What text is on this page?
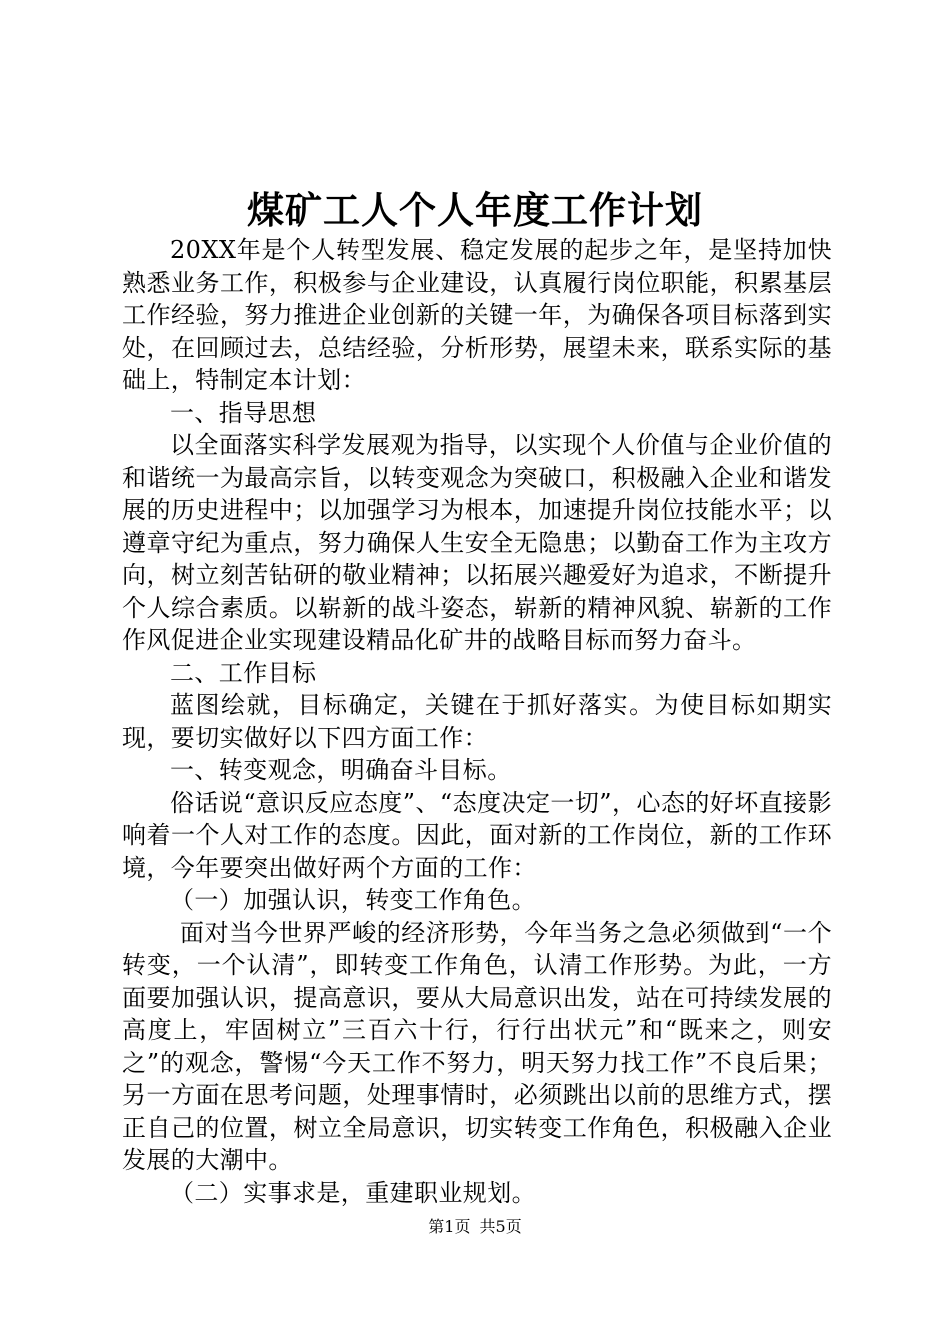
煤矿工人个人年度工作计划

20XX年是个人转型发展、稳定发展的起步之年，是坚持加快熟悉业务工作，积极参与企业建设，认真履行岗位职能，积累基层工作经验，努力推进企业创新的关键一年，为确保各项目标落到实处，在回顾过去，总结经验，分析形势，展望未来，联系实际的基础上，特制定本计划：

一、指导思想

以全面落实科学发展观为指导，以实现个人价值与企业价值的和谐统一为最高宗旨，以转变观念为突破口，积极融入企业和谐发展的历史进程中；以加强学习为根本，加速提升岗位技能水平；以遵章守纪为重点，努力确保人生安全无隐患；以勤奋工作为主攻方向，树立刻苦钻研的敬业精神；以拓展兴趣爱好为追求，不断提升个人综合素质。以崭新的战斗姿态，崭新的精神风貌、崭新的工作作风促进企业实现建设精品化矿井的战略目标而努力奋斗。

二、工作目标

蓝图绘就，目标确定，关键在于抓好落实。为使目标如期实现，要切实做好以下四方面工作：

一、转变观念，明确奋斗目标。

俗话说“意识反应态度”、“态度决定一切”，心态的好坏直接影响着一个人对工作的态度。因此，面对新的工作岗位，新的工作环境，今年要突出做好两个方面的工作：

（一）加强认识，转变工作角色。

面对当今世界严峻的经济形势，今年当务之急必须做到“一个转变，一个认清”，即转变工作角色，认清工作形势。为此，一方面要加强认识，提高意识，要从大局意识出发，站在可持续发展的高度上，牢固树立”三百六十行，行行出状元”和“既来之，则安之”的观念，警惕“今天工作不努力，明天努力找工作”不良后果；另一方面在思考问题，处理事情时，必须跳出以前的思维方式，摆正自己的位置，树立全局意识，切实转变工作角色，积极融入企业发展的大潮中。

（二）实事求是，重建职业规划。

第1页 共5页
